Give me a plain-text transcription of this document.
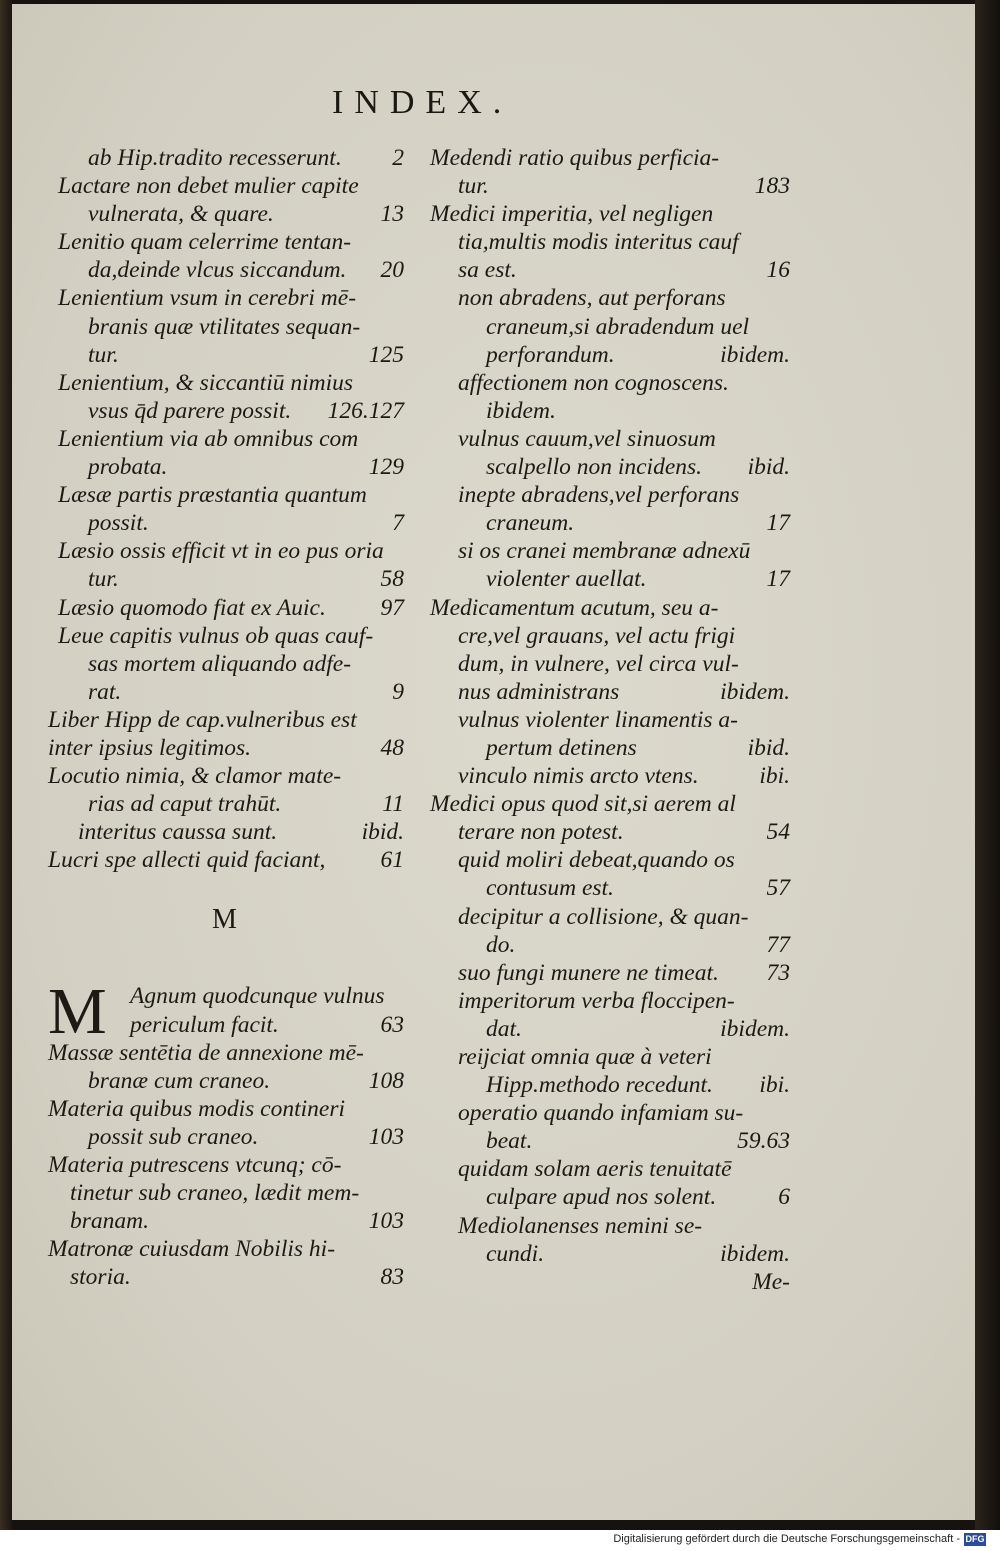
INDEX.
ab Hip.tradito recesserunt. 2
Lactare non debet mulier capite
vulnerata, & quare.	13
Lenitio quam celerrime tentan-
da,deinde vlcus siccandum. 20
Lenientium vsum in cerebri mē-
branis quæ vtilitates sequan-
tur.	125
Lenientium, & siccantiū nimius
vsus q̄d parere possit. 126.127
Lenientium via ab omnibus com
probata.	129
Læsæ partis præstantia quantum
possit.	7
Læsio ossis efficit vt in eo pus oria
tur.	58
Læsio quomodo fiat ex Auic. 97
Leue capitis vulnus ob quas cauf-
sas mortem aliquando adfe-
rat.	9
Liber Hipp de cap.vulneribus est
inter ipsius legitimos.	48
Locutio nimia, & clamor mate-
rias ad caput trahūt.	11
interitus caussa sunt.	ibid.
Lucri spe allecti quid faciant, 61
M
M Agnum quodcunque vulnus
periculum facit.	63
Massæ sentētia de annexione mē-
branæ cum craneo.	108
Materia quibus modis contineri
possit sub craneo.	103
Materia putrescens vtcunq; cō-
tinetur sub craneo, lædit mem-
branam.	103
Matronæ cuiusdam Nobilis hi-
storia.	83
Medendi ratio quibus perficia-
tur.	183
Medici imperitia, vel negligen
tia,multis modis interitus cauf
sa est.	16
non abradens, aut perforans
craneum,si abradendum uel
perforandum.	ibidem.
affectionem non cognoscens.
ibidem.
vulnus cauum,vel sinuosum
scalpello non incidens. ibid.
inepte abradens,vel perforans
craneum.	17
si os cranei membranæ adnexū
violenter auellat.	17
Medicamentum acutum, seu a-
cre,vel grauans, vel actu frigi
dum, in vulnere, vel circa vul-
nus administrans	ibidem.
vulnus violenter linamentis a-
pertum detinens	ibid.
vinculo nimis arcto vtens.	ibi.
Medici opus quod sit,si aerem al
terare non potest.	54
quid moliri debeat,quando os
contusum est.	57
decipitur a collisione, & quan-
do.	77
suo fungi munere ne timeat. 73
imperitorum verba floccipen-
dat.	ibidem.
reijciat omnia quæ à veteri
Hipp.methodo recedunt. ibi.
operatio quando infamiam su-
beat.	59.63
quidam solam aeris tenuitatē
culpare apud nos solent.	6
Mediolanenses nemini se-
cundi.	ibidem.
Me-
Digitalisierung gefördert durch die Deutsche Forschungsgemeinschaft - DFG
